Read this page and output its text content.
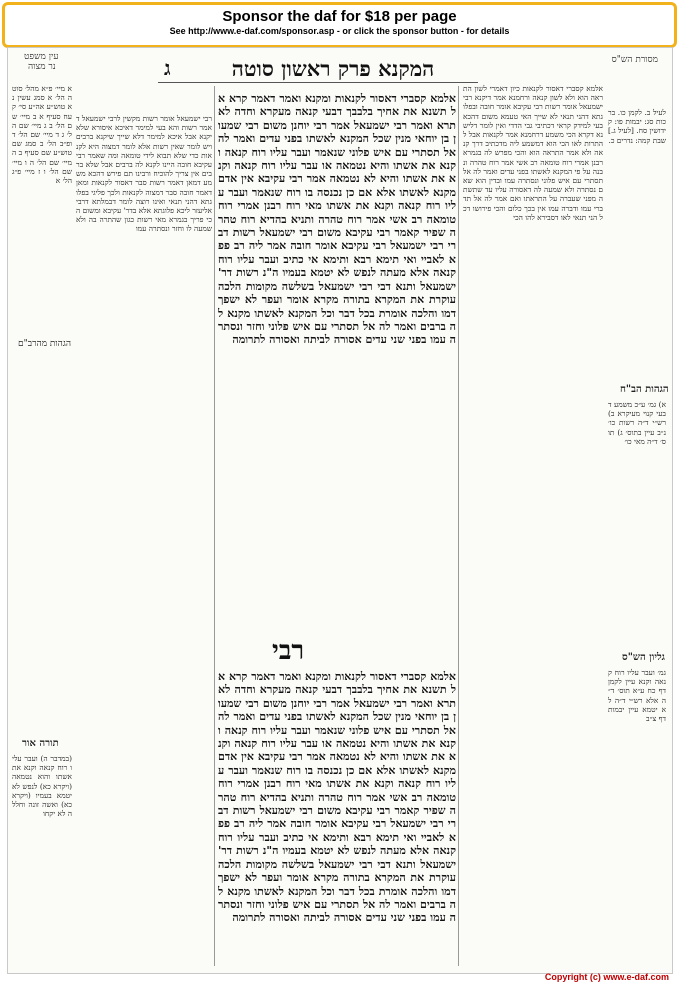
Sponsor the daf for $18 per page
See http://www.e-daf.com/sponsor.asp - or click the sponsor button - for details
מסורת הש"ס
עין משפט
נר מצוה	המקנא פרק ראשון סוטה
ג
לעיל ב. לקמן כו. ברכות סג: יבמות פו: קידושין סח. [לעיל ג.] שבת קמה: נדרים כ.
הגהות הב"ח
א) גמ׳ ע״כ משמע דבעי קנוי מעיקרא ב) רש״י ד״ה רשות כו׳ נ״ב עיין בתוס׳ ג) תוס׳ ד״ה מאי כו׳
גליון הש"ס
גמ׳ ועבר עליו רוח קנאה וקנא עיין לקמן דף כח ע״א תוס׳ ד״ה אלא רש״י ד״ה לא יטמא עיין יבמות דף צ״ב
אלמא קסברי דאסור לקנאות כיון דאמרי לשון התראה הוא ולא לשון קנאה ורחמנא אמר דיקנא רבי ישמעאל אומר רשות רבי עקיבא אומר חובה ובפלוגתא דהני תנאי לא שייך האי טעמא משום דהכא בעי למידק קראי דכתיבי גבי הדדי ואין לומר דלישנא דקרא הכי משמע דרחמנא אמר לקנאות אבל להתרות לאו הכי הוא דמשמע ליה מדכתיב דרך קנאה ולא אמר התראה הוא והכי מפרש לה בגמרא רבנן אמרי רוח טומאה רב אשי אמר רוח טהרה ונבנה על פי המקנא לאשתו בפני עדים ואמר לה אל תסתרי עם איש פלוני ונסתרה עמו ובדין הוא שאם נסתרה ולא שמעה לה דאסורה עליו עד שתשתה מפני שעברה על התראתו ואם אמר לה אל תדברי עמו ודברה עמו אין בכך כלום והכי פירושו דכל הני תנאי לאו דסבירא להו הכי
אלמא קסברי דאסור לקנאות ומקנא ואמר דאמר קרא אל תשנא את אחיך בלבבך דבעי קנאה מעקרא וחדה לאתרא ואמר רבי ישמעאל אמר רבי יוחנן משום רבי שמעון בן יוחאי מנין שכל המקנא לאשתו בפני עדים ואמר לה אל תסתרי עם איש פלוני שנאמר ועבר עליו רוח קנאה וקנא את אשתו והיא נטמאה או עבר עליו רוח קנאה וקנא את אשתו והיא לא נטמאה אמר רבי עקיבא אין אדם מקנא לאשתו אלא אם כן נכנסה בו רוח שנאמר ועבר עליו רוח קנאה וקנא את אשתו מאי רוח רבנן אמרי רוח טומאה רב אשי אמר רוח טהרה ותניא בהדיא רוח טהרה שפיר קאמר רבי עקיבא משום רבי ישמעאל רשות דברי רבי ישמעאל רבי עקיבא אומר חובה אמר ליה רב פפא לאביי ואי תימא רבא ותימא אי כתיב ועבר עליו רוח קנאה אלא מעתה לנפש לא יטמא בעמיו ה"נ רשות דר' ישמעאל ותנא דבי רבי ישמעאל בשלשה מקומות הלכה עוקרת את המקרא בתורה מקרא אומר ועפר לא ישפך דמו והלכה אומרת בכל דבר וכל המקנא לאשתו מקנא לה ברבים ואמר לה אל תסתרי עם איש פלוני וחזר ונסתרה עמו בפני שני עדים אסורה לביתה ואסורה לתרומה
רבי
אלמא קסברי דאסור לקנאות ומקנא ואמר דאמר קרא אל תשנא את אחיך בלבבך דבעי קנאה מעקרא וחדה לאתרא ואמר רבי ישמעאל אמר רבי יוחנן משום רבי שמעון בן יוחאי מנין שכל המקנא לאשתו בפני עדים ואמר לה אל תסתרי עם איש פלוני שנאמר ועבר עליו רוח קנאה וקנא את אשתו והיא נטמאה או עבר עליו רוח קנאה וקנא את אשתו והיא לא נטמאה אמר רבי עקיבא אין אדם מקנא לאשתו אלא אם כן נכנסה בו רוח שנאמר ועבר עליו רוח קנאה וקנא את אשתו מאי רוח רבנן אמרי רוח טומאה רב אשי אמר רוח טהרה ותניא בהדיא רוח טהרה שפיר קאמר רבי עקיבא משום רבי ישמעאל רשות דברי רבי ישמעאל רבי עקיבא אומר חובה אמר ליה רב פפא לאביי ואי תימא רבא ותימא אי כתיב ועבר עליו רוח קנאה אלא מעתה לנפש לא יטמא בעמיו ה"נ רשות דר' ישמעאל ותנא דבי רבי ישמעאל בשלשה מקומות הלכה עוקרת את המקרא בתורה מקרא אומר ועפר לא ישפך דמו והלכה אומרת בכל דבר וכל המקנא לאשתו מקנא לה ברבים ואמר לה אל תסתרי עם איש פלוני וחזר ונסתרה עמו בפני שני עדים אסורה לביתה ואסורה לתרומה
רבי ישמעאל אומר רשות מקשין לרבי ישמעאל דאמר רשות והא בעי למימר דאיכא איסורא שלא יקנא אבל איכא למימר דלא שייך שיקנא ברבים ויש לומר שאין רשות אלא לומר דמצוה היא לקנאות כדי שלא תבוא לידי טומאה ומה שאמר רבי עקיבא חובה היינו לקנא לה ברבים אבל שלא ברבים אין צריך להוכיח ורבינו תם פירש דהכא משמע דמאן דאמר רשות סבר דאסור לקנאות ומאן דאמר חובה סבר דמצוה לקנאות ולכך פליגי בפלוגתא דהני תנאי ואינו רוצה לומר דבמלתא דרבי אליעזר ליכא פלוגתא אלא בדר' עקיבא ומשום הכי פריך בגמרא מאי רשות כגון שהתרה בה ולא שמעה לו וחזר ונסתרה עמו
א מיי׳ פ״א מהל׳ סוטה הל׳ א סמג עשין נא טוש״ע אה״ע סי׳ קעח סעיף א ב מיי׳ שם הל׳ ב ג מיי׳ שם הל׳ ג ד מיי׳ שם הל׳ ד ופ״ב הל׳ ב סמג שם טוש״ע שם סעיף ב ה מיי׳ שם הל׳ ה ו מיי׳ שם הל׳ ו ז מיי׳ פ״ג הל׳ א
הגהות מהרב"ם
תורה אור
(במדבר ה) ועבר עליו רוח קנאה וקנא את אשתו והוא נטמאה (ויקרא כא) לנפש לא יטמא בעמיו (ויקרא כא) ואשה זונה וחללה לא יקחו
Copyright (c) www.e-daf.com
